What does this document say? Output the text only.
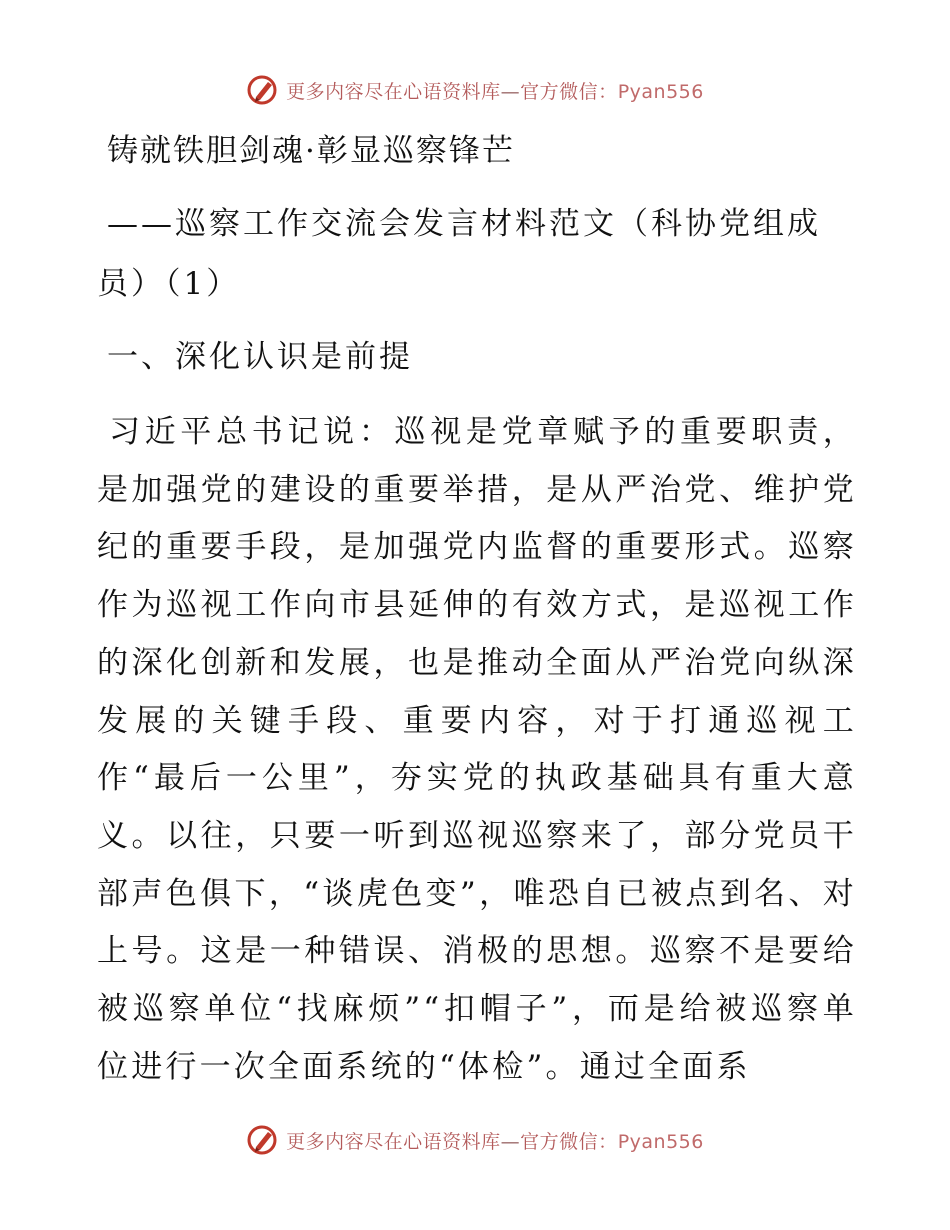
更多内容尽在心语资料库—官方微信：Pyan556
铸就铁胆剑魂·彰显巡察锋芒
——巡察工作交流会发言材料范文（科协党组成员）（1）
一、深化认识是前提
习近平总书记说：巡视是党章赋予的重要职责，是加强党的建设的重要举措，是从严治党、维护党纪的重要手段，是加强党内监督的重要形式。巡察作为巡视工作向市县延伸的有效方式，是巡视工作的深化创新和发展，也是推动全面从严治党向纵深发展的关键手段、重要内容，对于打通巡视工作“最后一公里”，夯实党的执政基础具有重大意义。以往，只要一听到巡视巡察来了，部分党员干部声色俱下，“谈虎色变”，唯恐自已被点到名、对上号。这是一种错误、消极的思想。巡察不是要给被巡察单位“找麻烦”“扣帽子”，而是给被巡察单位进行一次全面系统的“体检”。通过全面系
更多内容尽在心语资料库—官方微信：Pyan556
